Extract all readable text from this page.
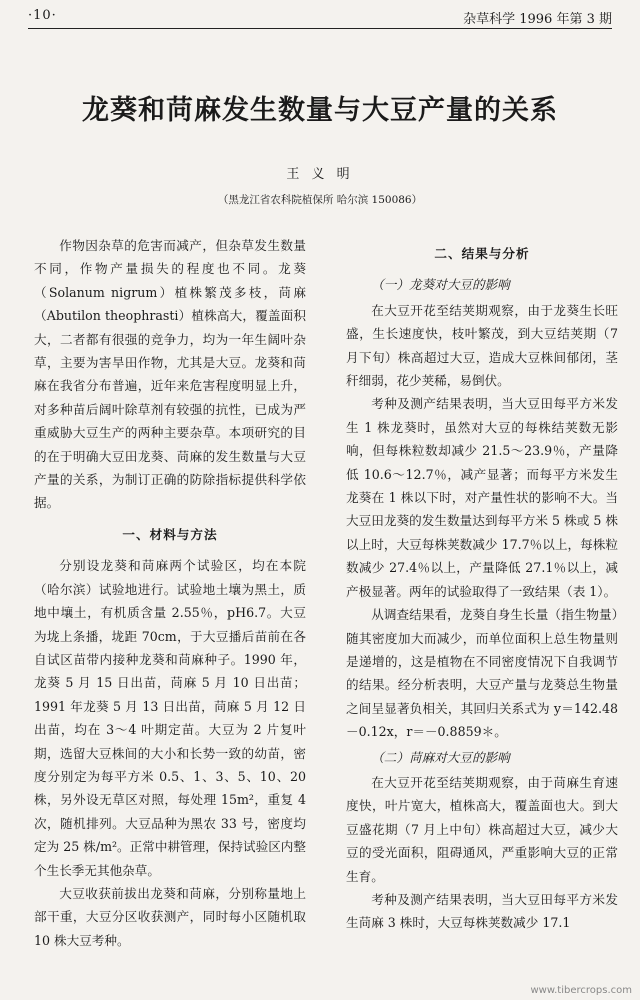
·10·	杂草科学 1996 年第 3 期
龙葵和苘麻发生数量与大豆产量的关系
王 义 明
（黑龙江省农科院植保所 哈尔滨 150086）

作物因杂草的危害而减产，但杂草发生数量不同，作物产量损失的程度也不同。龙葵（Solanum nigrum）植株繁茂多枝，苘麻（Abutilon theophrasti）植株高大，覆盖面积大，二者都有很强的竞争力，均为一年生阔叶杂草，主要为害旱田作物，尤其是大豆。龙葵和苘麻在我省分布普遍，近年来危害程度明显上升，对多种苗后阔叶除草剂有较强的抗性，已成为严重威胁大豆生产的两种主要杂草。本项研究的目的在于明确大豆田龙葵、苘麻的发生数量与大豆产量的关系，为制订正确的防除指标提供科学依据。

一、材料与方法

分别设龙葵和苘麻两个试验区，均在本院（哈尔滨）试验地进行。试验地土壤为黑土，质地中壤土，有机质含量 2.55％，pH6.7。大豆为垅上条播，垅距 70cm，于大豆播后苗前在各自试区苗带内接种龙葵和苘麻种子。1990 年，龙葵 5 月 15 日出苗，苘麻 5 月 10 日出苗；1991 年龙葵 5 月 13 日出苗，苘麻 5 月 12 日出苗，均在 3～4 叶期定苗。大豆为 2 片复叶期，选留大豆株间的大小和长势一致的幼苗，密度分别定为每平方米 0.5、1、3、5、10、20 株，另外设无草区对照，每处理 15m²，重复 4 次，随机排列。大豆品种为黑农 33 号，密度均定为 25 株/m²。正常中耕管理，保持试验区内整个生长季无其他杂草。

大豆收获前拔出龙葵和苘麻，分别称量地上部干重，大豆分区收获测产，同时每小区随机取 10 株大豆考种。

二、结果与分析
（一）龙葵对大豆的影响

在大豆开花至结荚期观察，由于龙葵生长旺盛，生长速度快，枝叶繁茂，到大豆结荚期（7 月下旬）株高超过大豆，造成大豆株间郁闭，茎秆细弱，花少荚稀，易倒伏。

考种及测产结果表明，当大豆田每平方米发生 1 株龙葵时，虽然对大豆的每株结荚数无影响，但每株粒数却减少 21.5～23.9％，产量降低 10.6～12.7％，减产显著；而每平方米发生龙葵在 1 株以下时，对产量性状的影响不大。当大豆田龙葵的发生数量达到每平方米 5 株或 5 株以上时，大豆每株荚数减少 17.7％以上，每株粒数减少 27.4％以上，产量降低 27.1％以上，减产极显著。两年的试验取得了一致结果（表 1）。

从调查结果看，龙葵自身生长量（指生物量）随其密度加大而减少，而单位面积上总生物量则是递增的，这是植物在不同密度情况下自我调节的结果。经分析表明，大豆产量与龙葵总生物量之间呈显著负相关，其回归关系式为 y＝142.48－0.12x，r＝－0.8859＊。

（二）苘麻对大豆的影响

在大豆开花至结荚期观察，由于苘麻生育速度快，叶片宽大，植株高大，覆盖面也大。到大豆盛花期（7 月上中旬）株高超过大豆，减少大豆的受光面积，阻碍通风，严重影响大豆的正常生育。

考种及测产结果表明，当大豆田每平方米发生苘麻 3 株时，大豆每株荚数减少 17.1

www.tibercrops.com
